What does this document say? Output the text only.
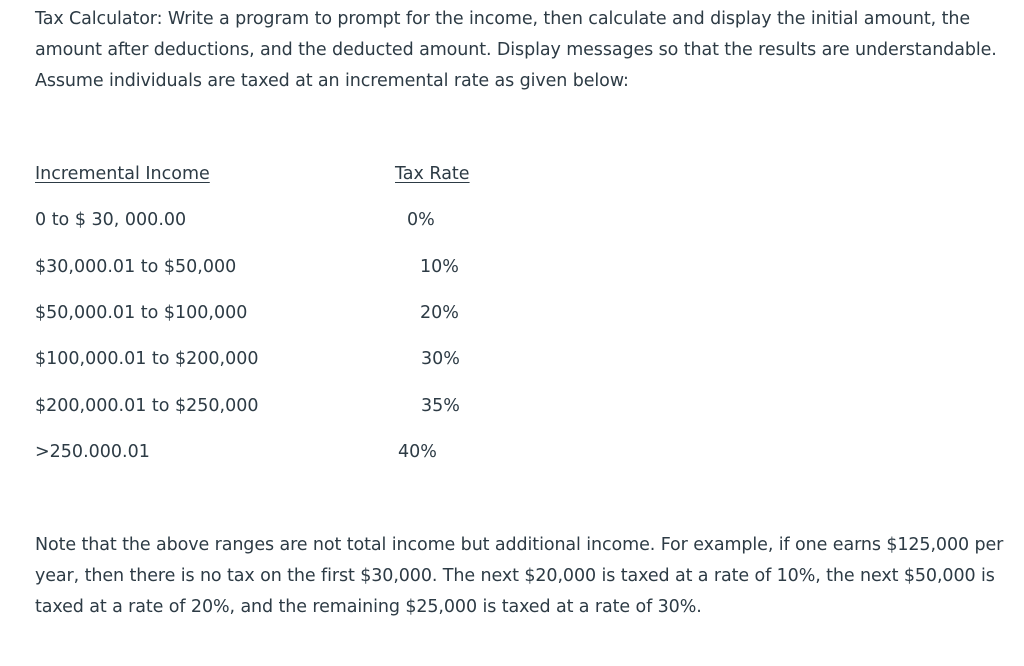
Tax Calculator: Write a program to prompt for the income, then calculate and display the initial amount, the amount after deductions, and the deducted amount. Display messages so that the results are understandable. Assume individuals are taxed at an incremental rate as given below:

Incremental Income	Tax Rate

0 to $ 30, 000.00	0%

$30,000.01 to $50,000	10%

$50,000.01 to $100,000	20%

$100,000.01 to $200,000	30%

$200,000.01 to $250,000	35%

>250.000.01	40%

Note that the above ranges are not total income but additional income. For example, if one earns $125,000 per year, then there is no tax on the first $30,000. The next $20,000 is taxed at a rate of 10%, the next $50,000 is taxed at a rate of 20%, and the remaining $25,000 is taxed at a rate of 30%.
